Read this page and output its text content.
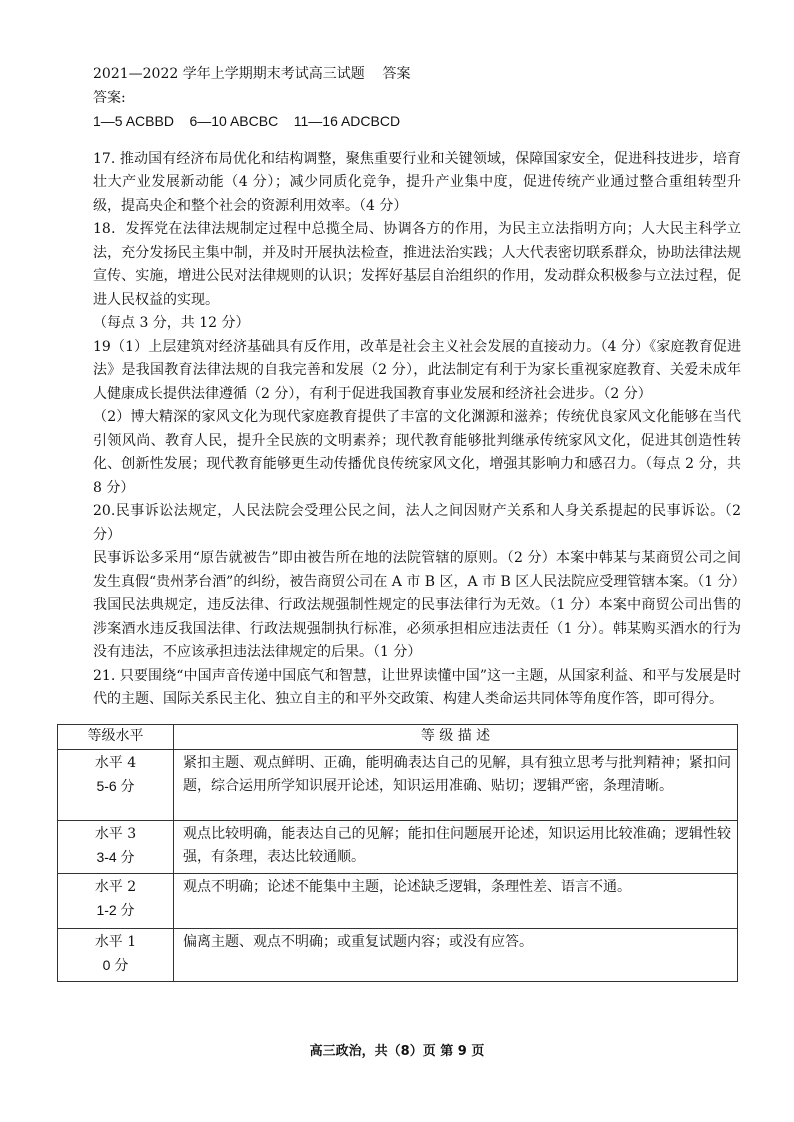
2021—2022 学年上学期期末考试高三试题    答案
答案:
1—5 ACBBD    6—10 ABCBC    11—16 ADCBCD

17. 推动国有经济布局优化和结构调整，聚焦重要行业和关键领域，保障国家安全，促进科技进步，培育壮大产业发展新动能（4 分）；减少同质化竞争，提升产业集中度，促进传统产业通过整合重组转型升级，提高央企和整个社会的资源利用效率。（4 分）

18．发挥党在法律法规制定过程中总揽全局、协调各方的作用，为民主立法指明方向；人大民主科学立法，充分发扬民主集中制，并及时开展执法检查，推进法治实践；人大代表密切联系群众，协助法律法规宣传、实施，增进公民对法律规则的认识；发挥好基层自治组织的作用，发动群众积极参与立法过程，促进人民权益的实现。

（每点 3 分，共 12 分）

19（1）上层建筑对经济基础具有反作用，改革是社会主义社会发展的直接动力。（4 分）《家庭教育促进法》是我国教育法律法规的自我完善和发展（2 分），此法制定有利于为家长重视家庭教育、关爱未成年人健康成长提供法律遵循（2 分），有利于促进我国教育事业发展和经济社会进步。（2 分）

（2）博大精深的家风文化为现代家庭教育提供了丰富的文化渊源和滋养；传统优良家风文化能够在当代引领风尚、教育人民，提升全民族的文明素养；现代教育能够批判继承传统家风文化，促进其创造性转化、创新性发展；现代教育能够更生动传播优良传统家风文化，增强其影响力和感召力。（每点 2 分，共 8 分）

20.民事诉讼法规定，人民法院会受理公民之间，法人之间因财产关系和人身关系提起的民事诉讼。（2 分）

民事诉讼多采用“原告就被告”即由被告所在地的法院管辖的原则。（2 分）本案中韩某与某商贸公司之间发生真假“贵州茅台酒”的纠纷，被告商贸公司在 A 市 B 区，A 市 B 区人民法院应受理管辖本案。（1 分）

我国民法典规定，违反法律、行政法规强制性规定的民事法律行为无效。（1 分）本案中商贸公司出售的涉案酒水违反我国法律、行政法规强制执行标准，必须承担相应违法责任（1 分）。韩某购买酒水的行为没有违法，不应该承担违法法律规定的后果。（1 分）

21. 只要围绕“中国声音传递中国底气和智慧，让世界读懂中国”这一主题，从国家利益、和平与发展是时代的主题、国际关系民主化、独立自主的和平外交政策、构建人类命运共同体等角度作答，即可得分。

等级水平	等 级 描 述

水平 4
5-6 分	紧扣主题、观点鲜明、正确，能明确表达自己的见解，具有独立思考与批判精神；紧扣问题，综合运用所学知识展开论述，知识运用准确、贴切；逻辑严密，条理清晰。

水平 3
3-4 分	观点比较明确，能表达自己的见解；能扣住问题展开论述，知识运用比较准确；逻辑性较强，有条理，表达比较通顺。

水平 2
1-2 分	观点不明确；论述不能集中主题，论述缺乏逻辑，条理性差、语言不通。

水平 1
0 分	偏离主题、观点不明确；或重复试题内容；或没有应答。
高三政治，共（8）页 第 9 页
